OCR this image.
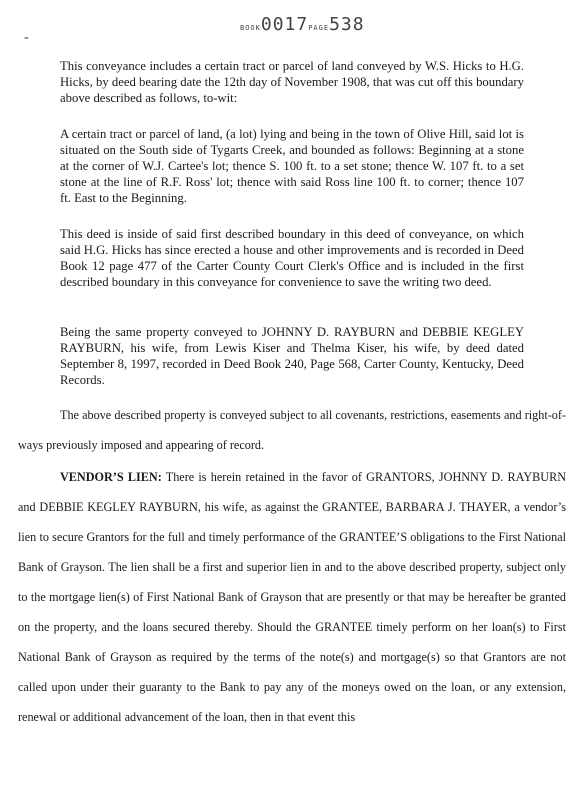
-
BOOK0017PAGE538

This conveyance includes a certain tract or parcel of land conveyed by W.S. Hicks to H.G. Hicks, by deed bearing date the 12th day of November 1908, that was cut off this boundary above described as follows, to-wit:

A certain tract or parcel of land, (a lot) lying and being in the town of Olive Hill, said lot is situated on the South side of Tygarts Creek, and bounded as follows: Beginning at a stone at the corner of W.J. Cartee's lot; thence S. 100 ft. to a set stone; thence W. 107 ft. to a set stone at the line of R.F. Ross' lot; thence with said Ross line 100 ft. to corner; thence 107 ft. East to the Beginning.

This deed is inside of said first described boundary in this deed of conveyance, on which said H.G. Hicks has since erected a house and other improvements and is recorded in Deed Book 12 page 477 of the Carter County Court Clerk's Office and is included in the first described boundary in this conveyance for convenience to save the writing two deed.

Being the same property conveyed to JOHNNY D. RAYBURN and DEBBIE KEGLEY RAYBURN, his wife, from Lewis Kiser and Thelma Kiser, his wife, by deed dated September 8, 1997, recorded in Deed Book 240, Page 568, Carter County, Kentucky, Deed Records.

The above described property is conveyed subject to all covenants, restrictions, easements and right-of-ways previously imposed and appearing of record.

VENDOR’S LIEN: There is herein retained in the favor of GRANTORS, JOHNNY D. RAYBURN and DEBBIE KEGLEY RAYBURN, his wife, as against the GRANTEE, BARBARA J. THAYER, a vendor’s lien to secure Grantors for the full and timely performance of the GRANTEE’S obligations to the First National Bank of Grayson. The lien shall be a first and superior lien in and to the above described property, subject only to the mortgage lien(s) of First National Bank of Grayson that are presently or that may be hereafter be granted on the property, and the loans secured thereby. Should the GRANTEE timely perform on her loan(s) to First National Bank of Grayson as required by the terms of the note(s) and mortgage(s) so that Grantors are not called upon under their guaranty to the Bank to pay any of the moneys owed on the loan, or any extension, renewal or additional advancement of the loan, then in that event this
